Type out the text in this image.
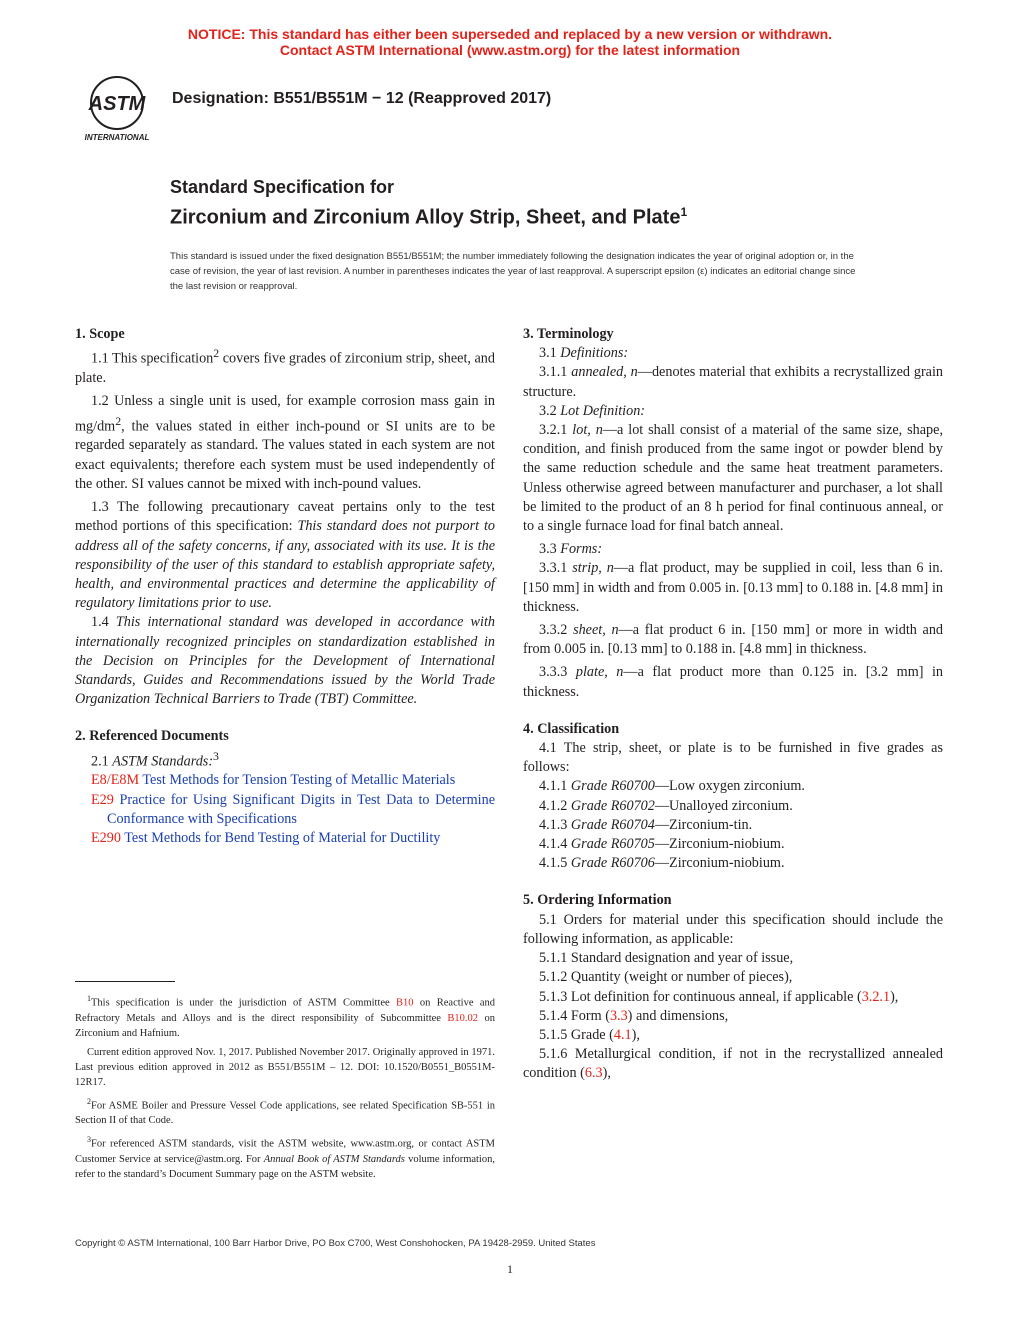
NOTICE: This standard has either been superseded and replaced by a new version or withdrawn.
Contact ASTM International (www.astm.org) for the latest information
ASTM
INTERNATIONAL
Designation: B551/B551M − 12 (Reapproved 2017)
Standard Specification for
Zirconium and Zirconium Alloy Strip, Sheet, and Plate$^1$
This standard is issued under the fixed designation B551/B551M; the number immediately following the designation indicates the year of original adoption or, in the case of revision, the year of last revision. A number in parentheses indicates the year of last reapproval. A superscript epsilon (ε) indicates an editorial change since the last revision or reapproval.

1. Scope

1.1 This specification$^2$ covers five grades of zirconium strip, sheet, and plate.

1.2 Unless a single unit is used, for example corrosion mass gain in $mg/dm^2$, the values stated in either inch-pound or SI units are to be regarded separately as standard. The values stated in each system are not exact equivalents; therefore each system must be used independently of the other. SI values cannot be mixed with inch-pound values.

1.3 The following precautionary caveat pertains only to the test method portions of this specification: This standard does not purport to address all of the safety concerns, if any, associated with its use. It is the responsibility of the user of this standard to establish appropriate safety, health, and environmental practices and determine the applicability of regulatory limitations prior to use.

1.4 This international standard was developed in accordance with internationally recognized principles on standardization established in the Decision on Principles for the Development of International Standards, Guides and Recommendations issued by the World Trade Organization Technical Barriers to Trade (TBT) Committee.

2. Referenced Documents

2.1 ASTM Standards:$^3$

E8/E8M Test Methods for Tension Testing of Metallic Materials

E29 Practice for Using Significant Digits in Test Data to Determine Conformance with Specifications

E290 Test Methods for Bend Testing of Material for Ductility

$^1$This specification is under the jurisdiction of ASTM Committee B10 on Reactive and Refractory Metals and Alloys and is the direct responsibility of Subcommittee B10.02 on Zirconium and Hafnium.

Current edition approved Nov. 1, 2017. Published November 2017. Originally approved in 1971. Last previous edition approved in 2012 as B551/B551M – 12. DOI: 10.1520/B0551_B0551M-12R17.

$^2$For ASME Boiler and Pressure Vessel Code applications, see related Specification SB-551 in Section II of that Code.

$^3$For referenced ASTM standards, visit the ASTM website, www.astm.org, or contact ASTM Customer Service at service@astm.org. For Annual Book of ASTM Standards volume information, refer to the standard’s Document Summary page on the ASTM website.

3. Terminology

3.1 Definitions:

3.1.1 annealed, n—denotes material that exhibits a recrystallized grain structure.

3.2 Lot Definition:

3.2.1 lot, n—a lot shall consist of a material of the same size, shape, condition, and finish produced from the same ingot or powder blend by the same reduction schedule and the same heat treatment parameters. Unless otherwise agreed between manufacturer and purchaser, a lot shall be limited to the product of an 8 h period for final continuous anneal, or to a single furnace load for final batch anneal.

3.3 Forms:

3.3.1 strip, n—a flat product, may be supplied in coil, less than 6 in. [150 mm] in width and from 0.005 in. [0.13 mm] to 0.188 in. [4.8 mm] in thickness.

3.3.2 sheet, n—a flat product 6 in. [150 mm] or more in width and from 0.005 in. [0.13 mm] to 0.188 in. [4.8 mm] in thickness.

3.3.3 plate, n—a flat product more than 0.125 in. [3.2 mm] in thickness.

4. Classification

4.1 The strip, sheet, or plate is to be furnished in five grades as follows:

4.1.1 Grade R60700—Low oxygen zirconium.

4.1.2 Grade R60702—Unalloyed zirconium.

4.1.3 Grade R60704—Zirconium-tin.

4.1.4 Grade R60705—Zirconium-niobium.

4.1.5 Grade R60706—Zirconium-niobium.

5. Ordering Information

5.1 Orders for material under this specification should include the following information, as applicable:

5.1.1 Standard designation and year of issue,

5.1.2 Quantity (weight or number of pieces),

5.1.3 Lot definition for continuous anneal, if applicable (3.2.1),

5.1.4 Form (3.3) and dimensions,

5.1.5 Grade (4.1),

5.1.6 Metallurgical condition, if not in the recrystallized annealed condition (6.3),

Copyright © ASTM International, 100 Barr Harbor Drive, PO Box C700, West Conshohocken, PA 19428-2959. United States
1
